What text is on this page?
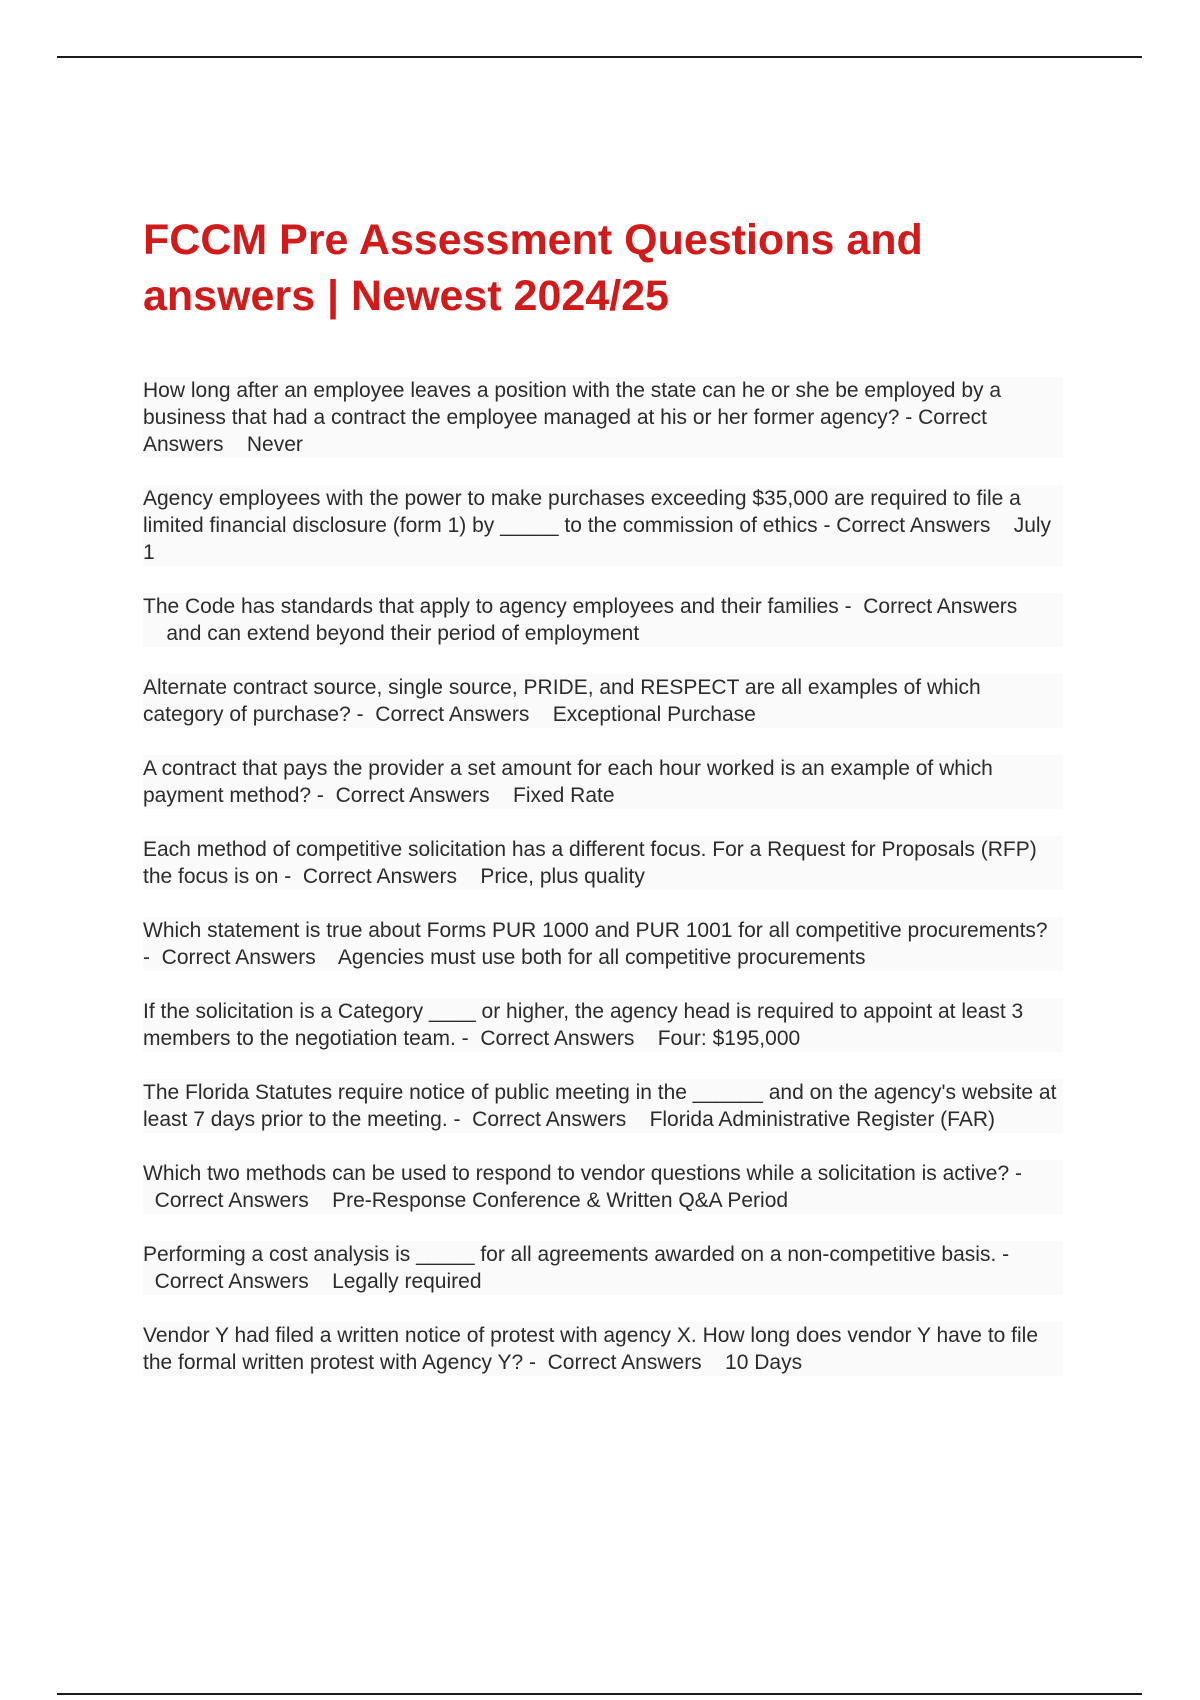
FCCM Pre Assessment Questions and
answers | Newest 2024/25
How long after an employee leaves a position with the state can he or she be employed by a business that had a contract the employee managed at his or her former agency? - Correct Answers Never
Agency employees with the power to make purchases exceeding $35,000 are required to file a limited financial disclosure (form 1) by _____ to the commission of ethics - Correct Answers July 1
The Code has standards that apply to agency employees and their families - Correct Answers    and can extend beyond their period of employment
Alternate contract source, single source, PRIDE, and RESPECT are all examples of which category of purchase? - Correct Answers Exceptional Purchase
A contract that pays the provider a set amount for each hour worked is an example of which payment method? - Correct Answers Fixed Rate
Each method of competitive solicitation has a different focus. For a Request for Proposals (RFP) the focus is on - Correct Answers Price, plus quality
Which statement is true about Forms PUR 1000 and PUR 1001 for all competitive procurements? - Correct Answers Agencies must use both for all competitive procurements
If the solicitation is a Category ____ or higher, the agency head is required to appoint at least 3 members to the negotiation team. - Correct Answers Four: $195,000
The Florida Statutes require notice of public meeting in the ______ and on the agency's website at least 7 days prior to the meeting. - Correct Answers Florida Administrative Register (FAR)
Which two methods can be used to respond to vendor questions while a solicitation is active? -  Correct Answers Pre-Response Conference & Written Q&A Period
Performing a cost analysis is _____ for all agreements awarded on a non-competitive basis. -  Correct Answers Legally required
Vendor Y had filed a written notice of protest with agency X. How long does vendor Y have to file the formal written protest with Agency Y? - Correct Answers 10 Days
